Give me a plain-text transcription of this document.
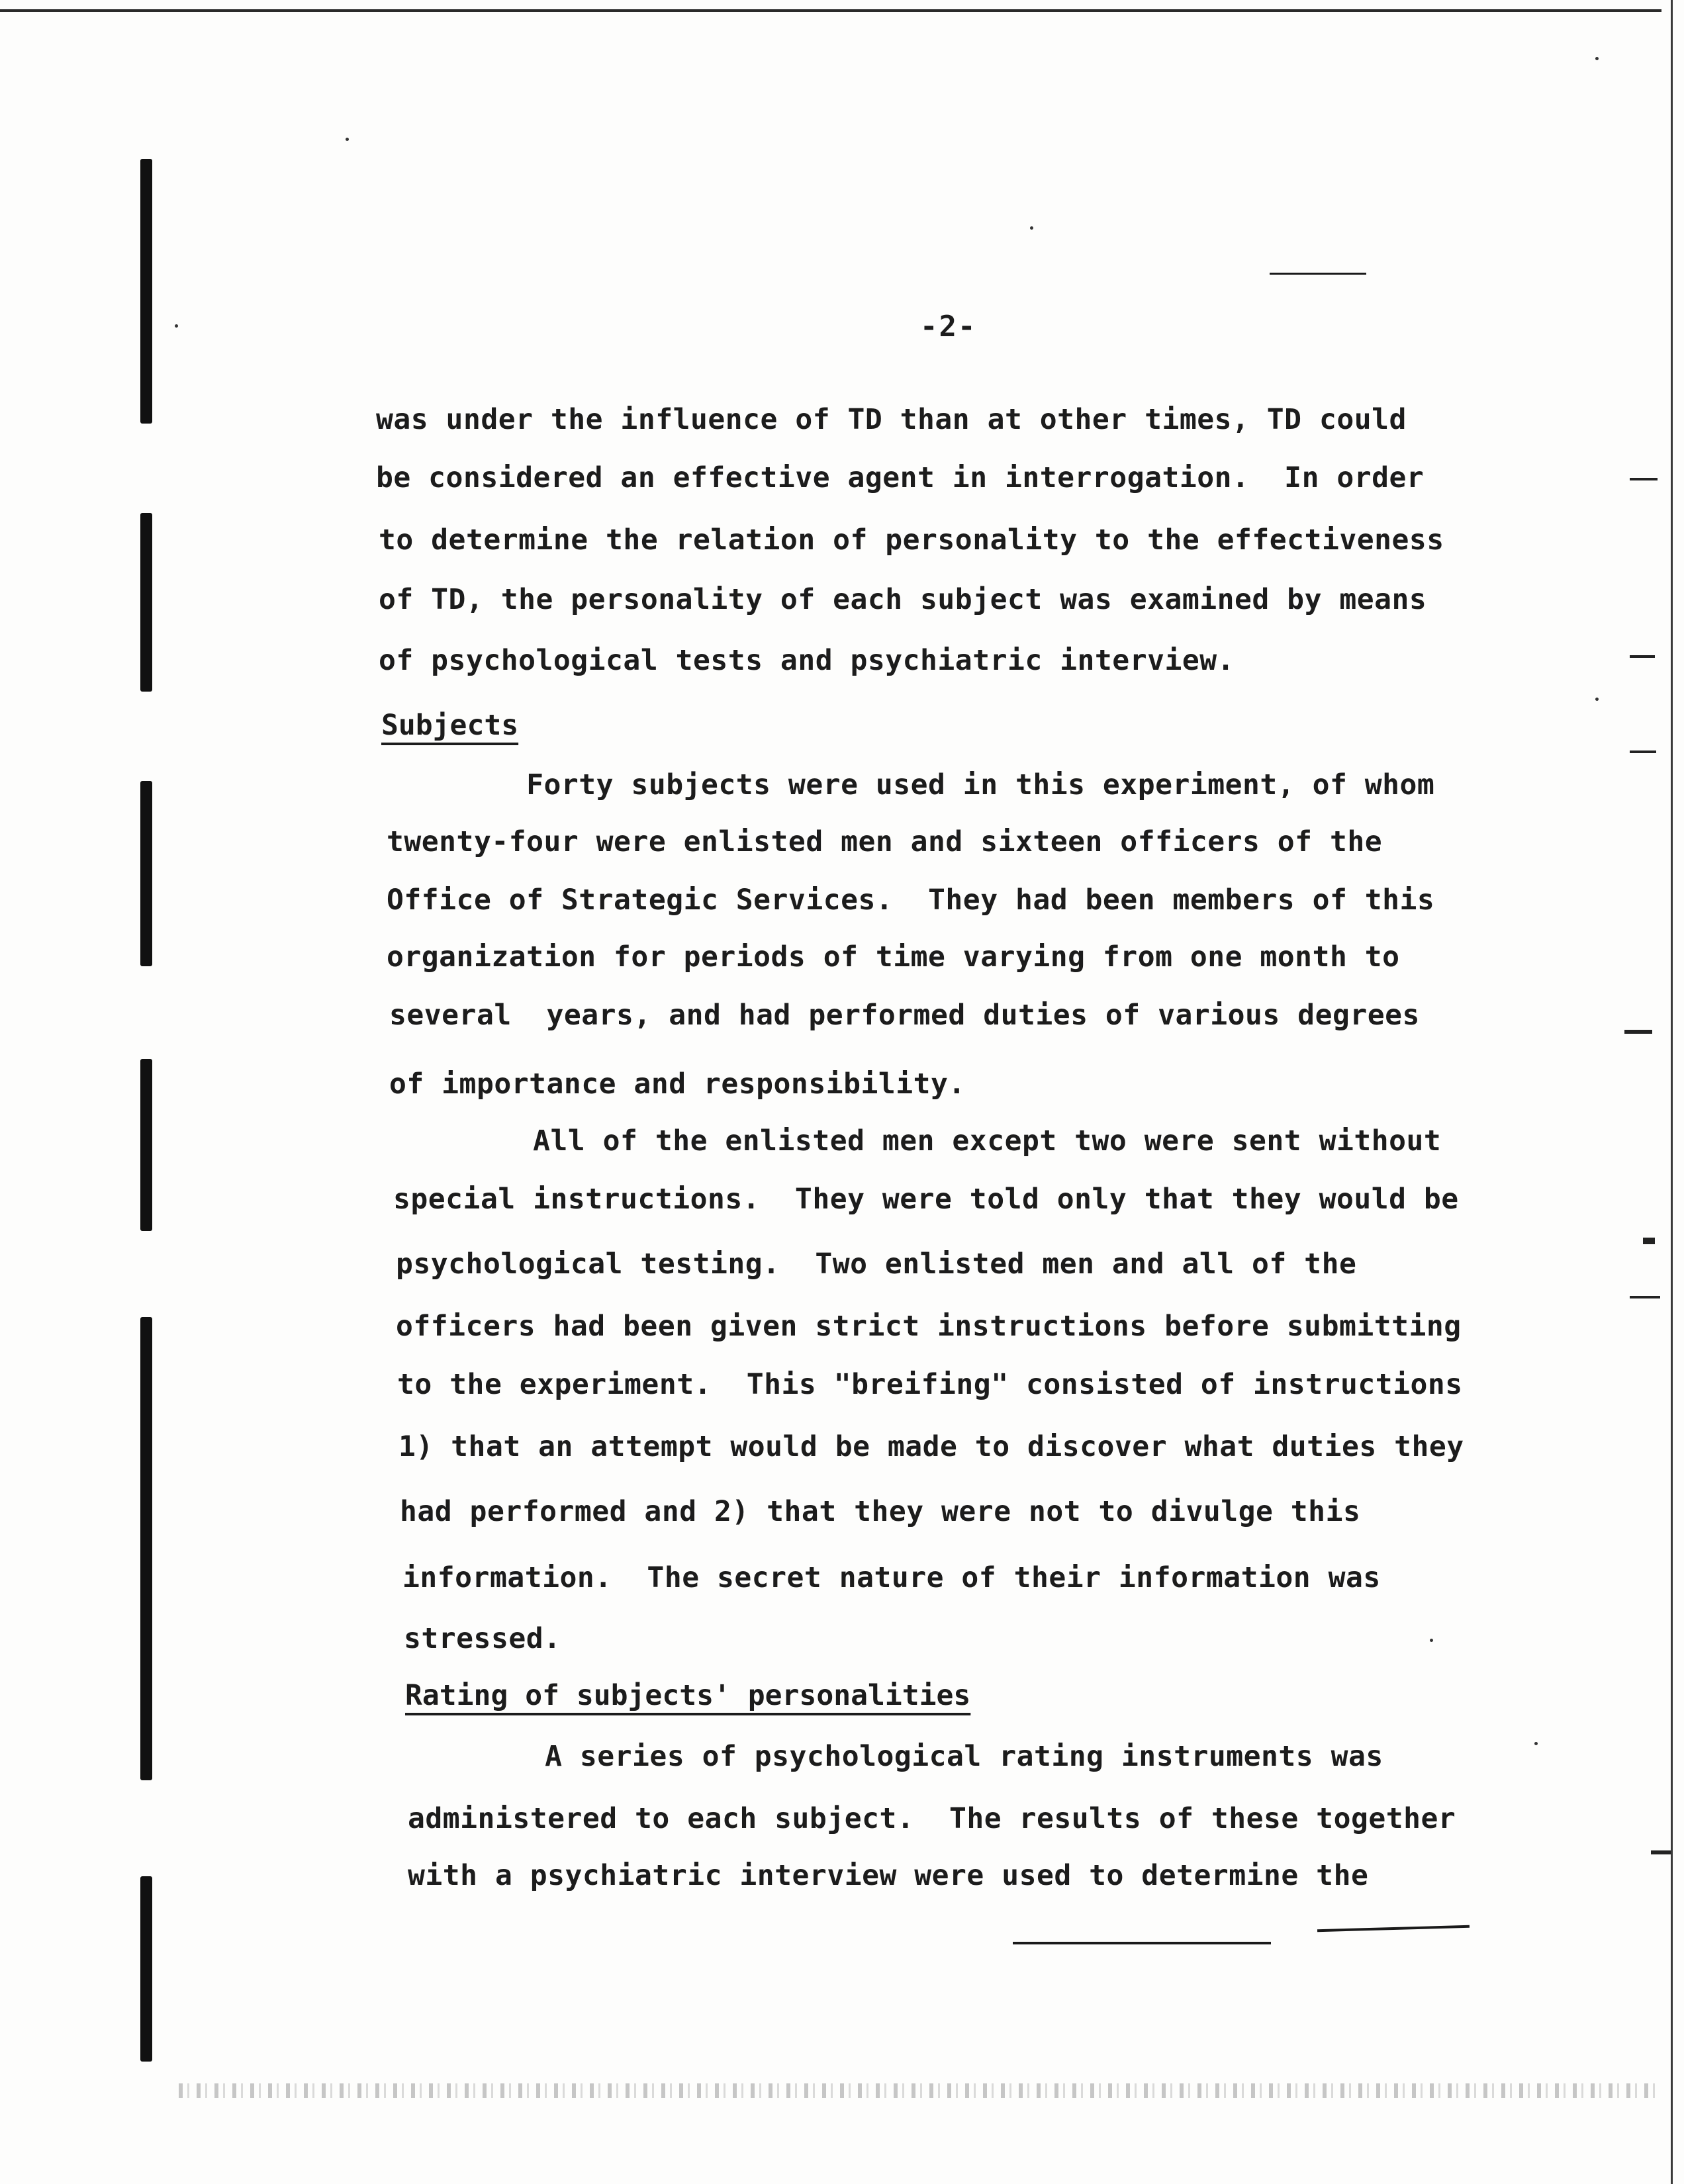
-2-
was under the influence of TD than at other times, TD could
be considered an effective agent in interrogation.  In order
to determine the relation of personality to the effectiveness
of TD, the personality of each subject was examined by means
of psychological tests and psychiatric interview.
Subjects
Forty subjects were used in this experiment, of whom
twenty-four were enlisted men and sixteen officers of the
Office of Strategic Services.  They had been members of this
organization for periods of time varying from one month to
several  years, and had performed duties of various degrees
of importance and responsibility.
All of the enlisted men except two were sent without
special instructions.  They were told only that they would be
psychological testing.  Two enlisted men and all of the
officers had been given strict instructions before submitting
to the experiment.  This "breifing" consisted of instructions
1) that an attempt would be made to discover what duties they
had performed and 2) that they were not to divulge this
information.  The secret nature of their information was
stressed.
Rating of subjects' personalities
A series of psychological rating instruments was
administered to each subject.  The results of these together
with a psychiatric interview were used to determine the
